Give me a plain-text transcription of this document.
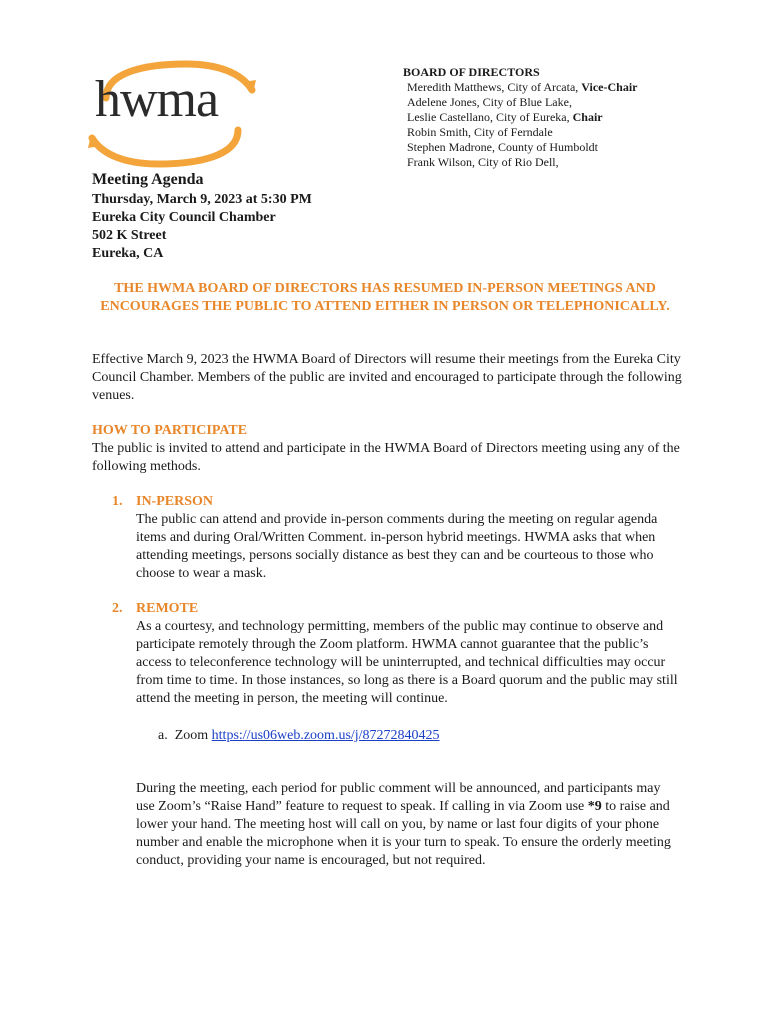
hwma	BOARD OF DIRECTORS
Meredith Matthews, City of Arcata, Vice-Chair
Adelene Jones, City of Blue Lake,
Leslie Castellano, City of Eureka, Chair
Robin Smith, City of Ferndale
Stephen Madrone, County of Humboldt
Frank Wilson, City of Rio Dell,
Meeting Agenda
Thursday, March 9, 2023 at 5:30 PM
Eureka City Council Chamber
502 K Street
Eureka, CA
THE HWMA BOARD OF DIRECTORS HAS RESUMED IN-PERSON MEETINGS AND ENCOURAGES THE PUBLIC TO ATTEND EITHER IN PERSON OR TELEPHONICALLY.
Effective March 9, 2023 the HWMA Board of Directors will resume their meetings from the Eureka City Council Chamber. Members of the public are invited and encouraged to participate through the following venues.
HOW TO PARTICIPATE
The public is invited to attend and participate in the HWMA Board of Directors meeting using any of the following methods.
1. IN-PERSON
The public can attend and provide in-person comments during the meeting on regular agenda items and during Oral/Written Comment. in-person hybrid meetings. HWMA asks that when attending meetings, persons socially distance as best they can and be courteous to those who choose to wear a mask.
2. REMOTE
As a courtesy, and technology permitting, members of the public may continue to observe and participate remotely through the Zoom platform. HWMA cannot guarantee that the public’s access to teleconference technology will be uninterrupted, and technical difficulties may occur from time to time. In those instances, so long as there is a Board quorum and the public may still attend the meeting in person, the meeting will continue.
a. Zoom https://us06web.zoom.us/j/87272840425
During the meeting, each period for public comment will be announced, and participants may use Zoom’s “Raise Hand” feature to request to speak. If calling in via Zoom use *9 to raise and lower your hand. The meeting host will call on you, by name or last four digits of your phone number and enable the microphone when it is your turn to speak. To ensure the orderly meeting conduct, providing your name is encouraged, but not required.
